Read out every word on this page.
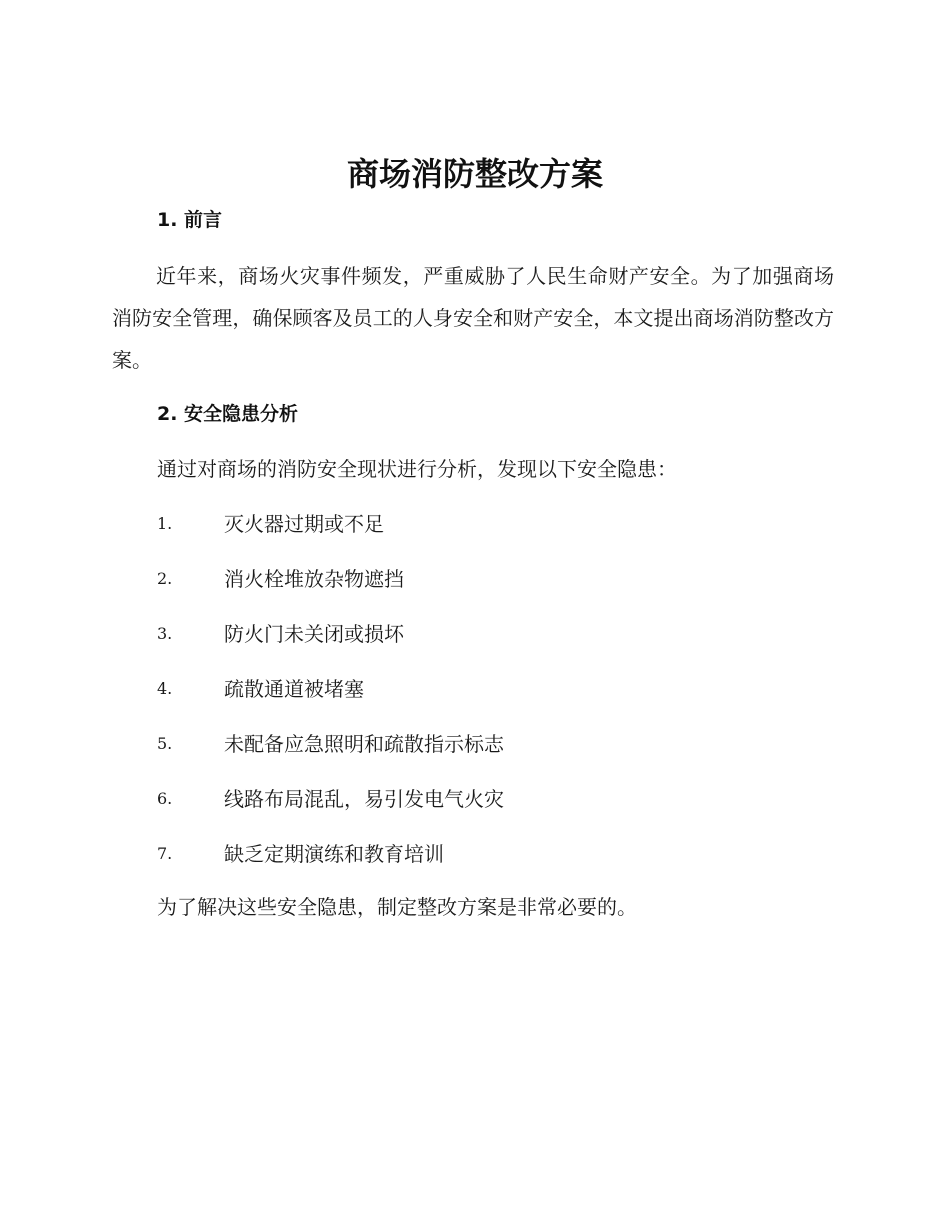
商场消防整改方案
1. 前言
近年来，商场火灾事件频发，严重威胁了人民生命财产安全。为了加强商场消防安全管理，确保顾客及员工的人身安全和财产安全，本文提出商场消防整改方案。
2. 安全隐患分析
通过对商场的消防安全现状进行分析，发现以下安全隐患：
1.	灭火器过期或不足
2.	消火栓堆放杂物遮挡
3.	防火门未关闭或损坏
4.	疏散通道被堵塞
5.	未配备应急照明和疏散指示标志
6.	线路布局混乱，易引发电气火灾
7.	缺乏定期演练和教育培训
为了解决这些安全隐患，制定整改方案是非常必要的。
